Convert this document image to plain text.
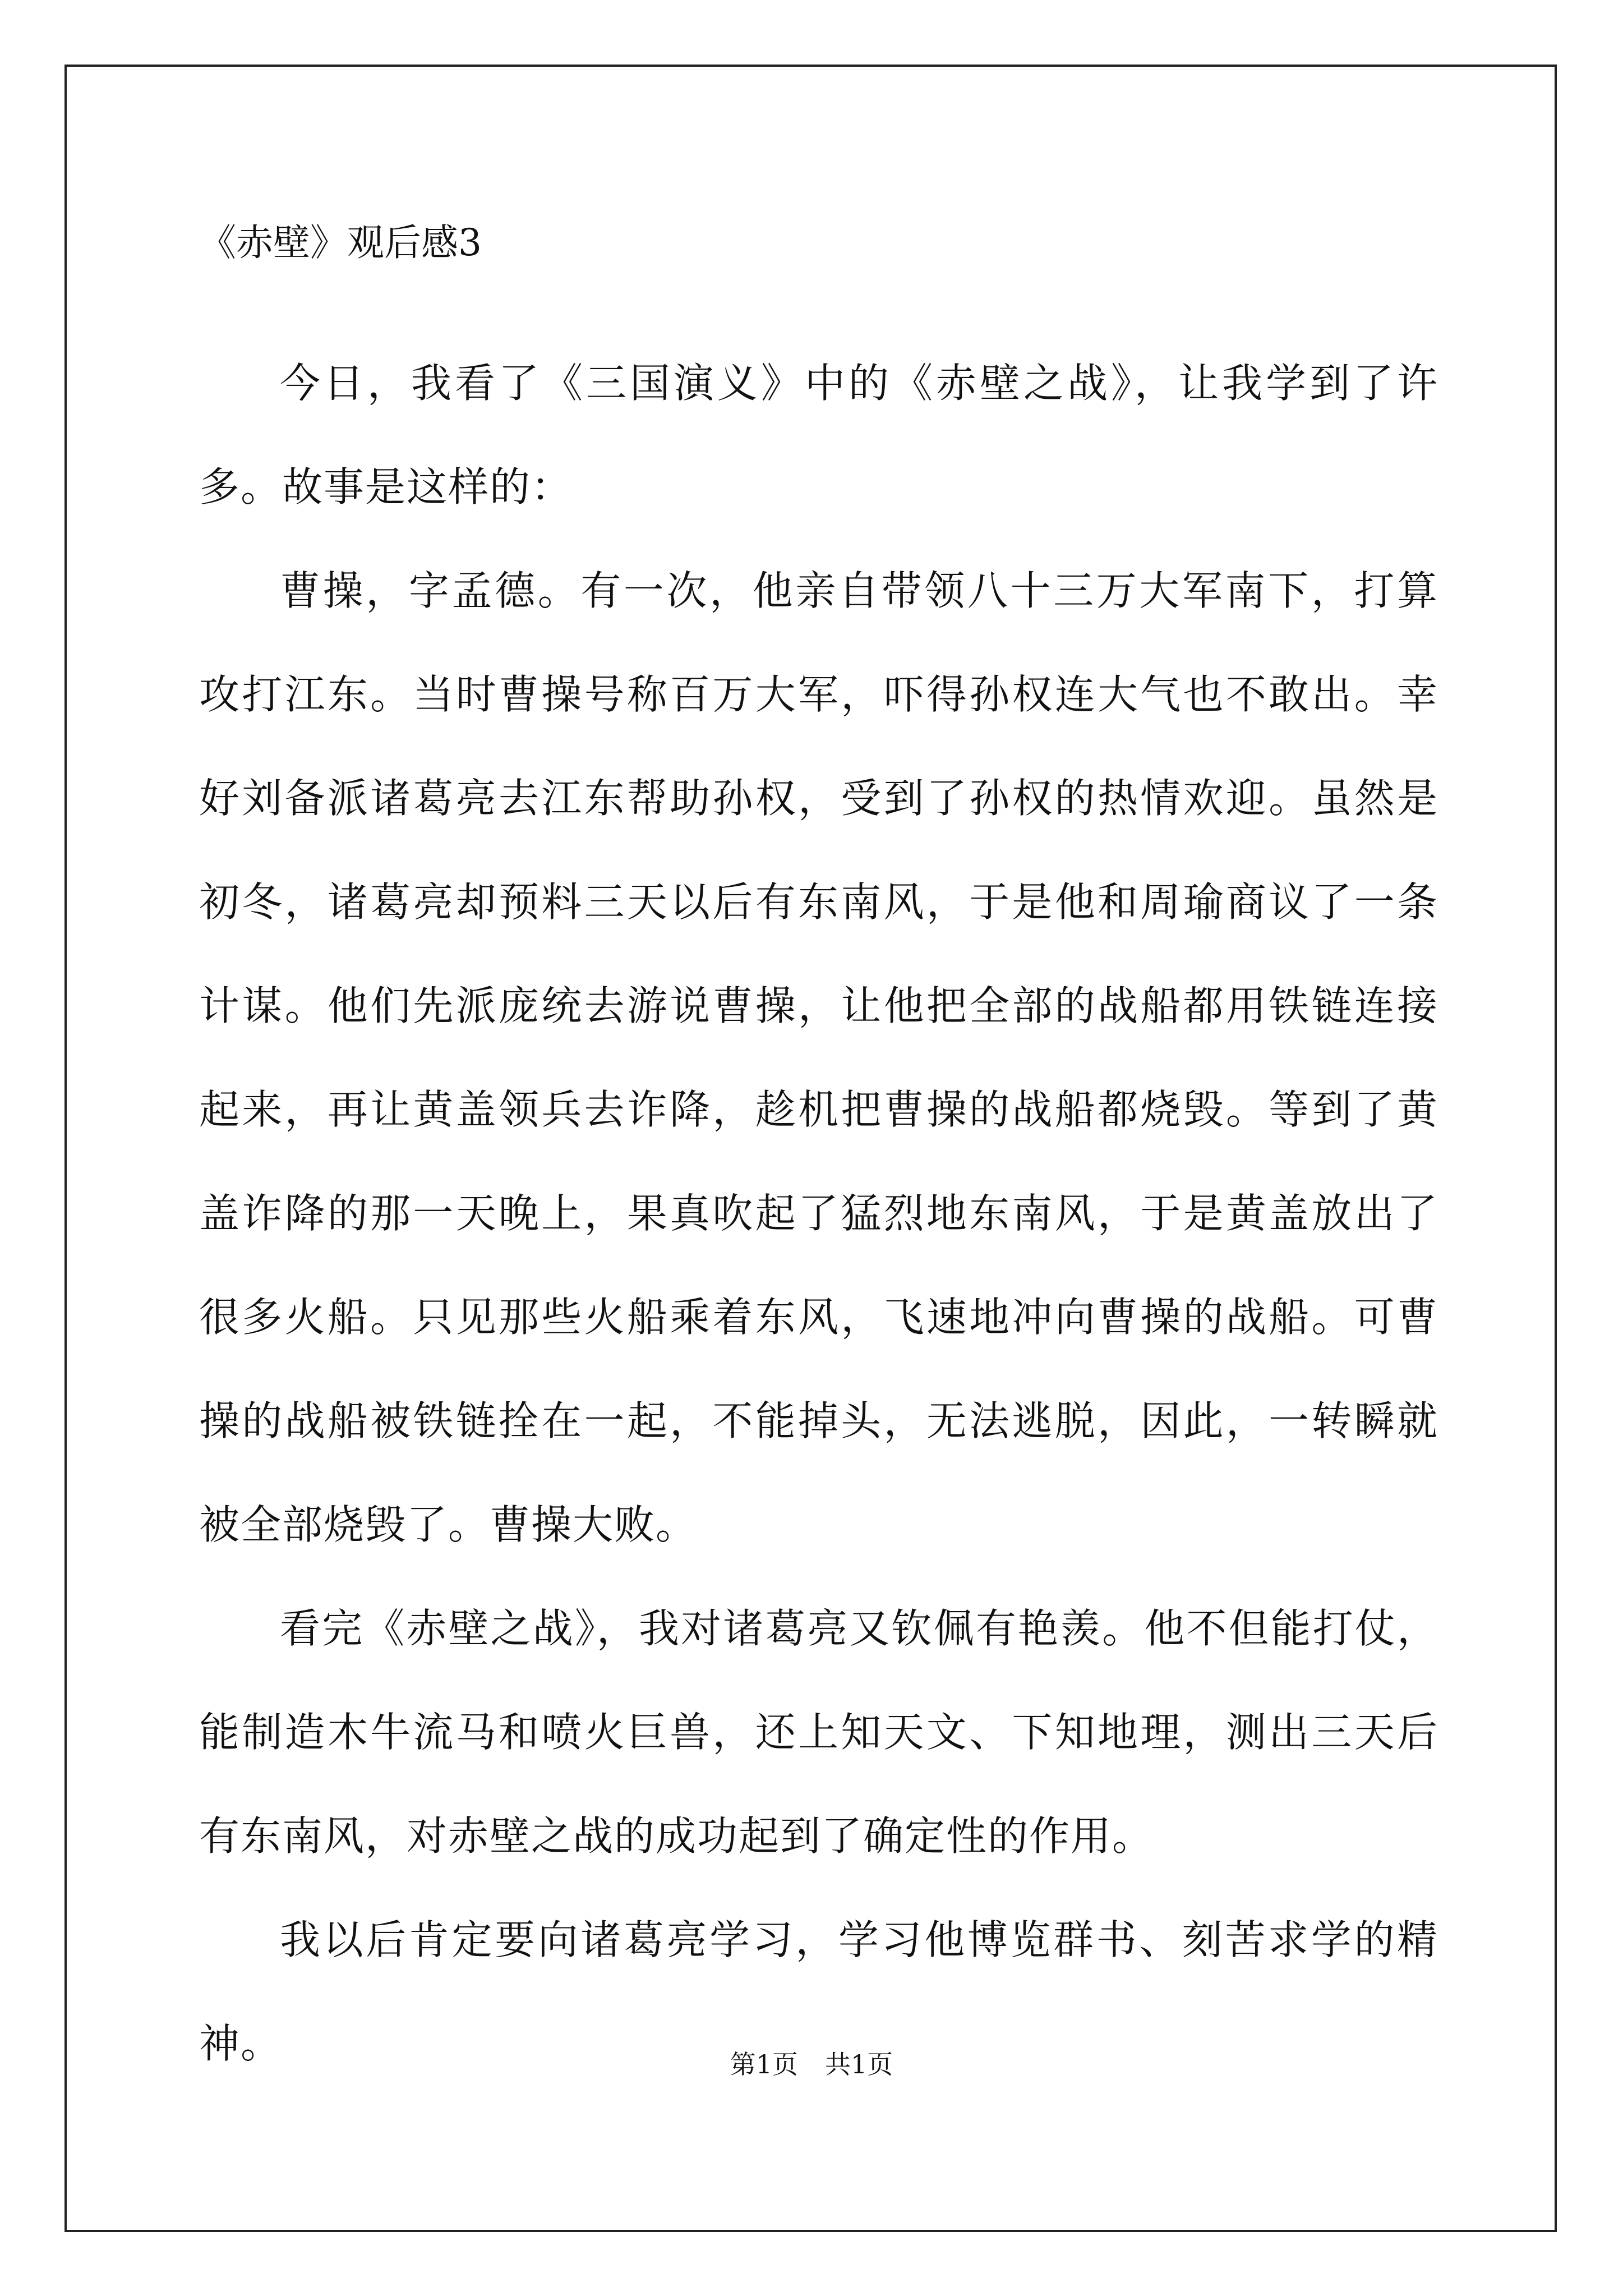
《赤壁》观后感3

今日，我看了《三国演义》中的《赤壁之战》，让我学到了许多。故事是这样的：

曹操，字孟德。有一次，他亲自带领八十三万大军南下，打算攻打江东。当时曹操号称百万大军，吓得孙权连大气也不敢出。幸好刘备派诸葛亮去江东帮助孙权，受到了孙权的热情欢迎。虽然是初冬，诸葛亮却预料三天以后有东南风，于是他和周瑜商议了一条计谋。他们先派庞统去游说曹操，让他把全部的战船都用铁链连接起来，再让黄盖领兵去诈降，趁机把曹操的战船都烧毁。等到了黄盖诈降的那一天晚上，果真吹起了猛烈地东南风，于是黄盖放出了很多火船。只见那些火船乘着东风，飞速地冲向曹操的战船。可曹操的战船被铁链拴在一起，不能掉头，无法逃脱，因此，一转瞬就被全部烧毁了。曹操大败。

看完《赤壁之战》，我对诸葛亮又钦佩有艳羡。他不但能打仗，能制造木牛流马和喷火巨兽，还上知天文、下知地理，测出三天后有东南风，对赤壁之战的成功起到了确定性的作用。

我以后肯定要向诸葛亮学习，学习他博览群书、刻苦求学的精神。	第1页 共1页
